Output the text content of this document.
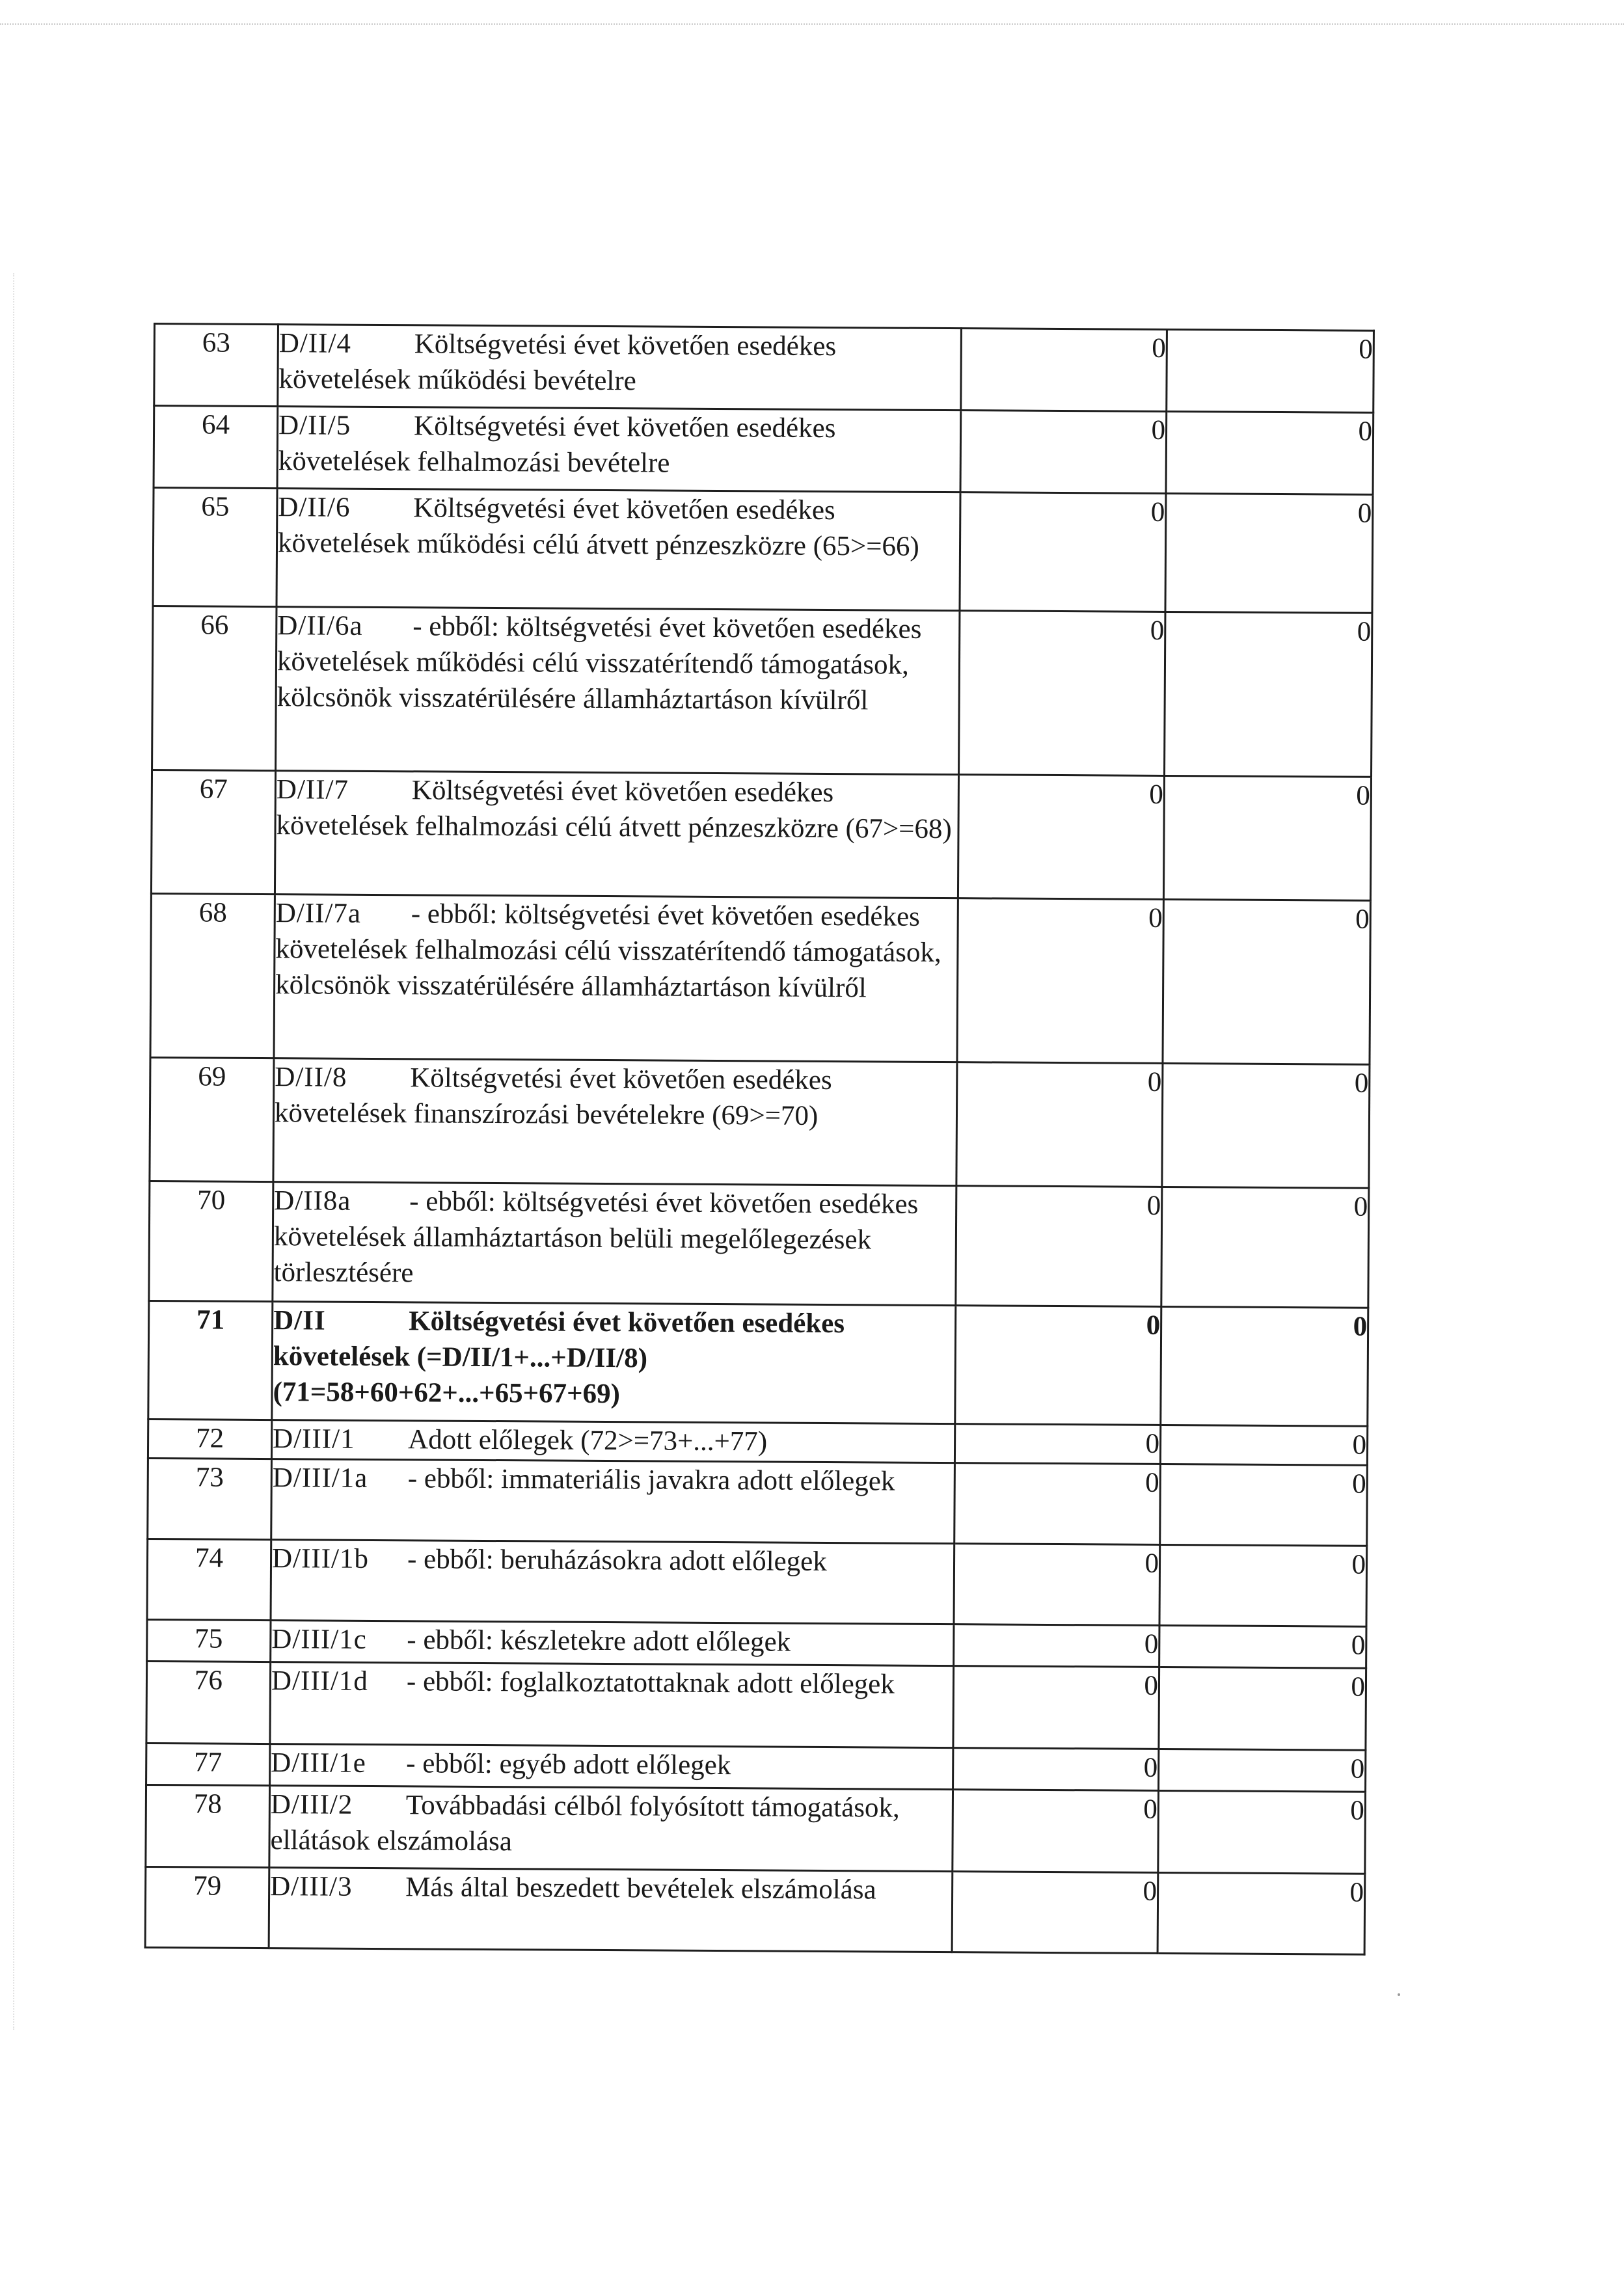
63	D/II/4 Költségvetési évet követően esedékes követelések működési bevételre	0	0
64	D/II/5 Költségvetési évet követően esedékes követelések felhalmozási bevételre	0	0
65	D/II/6 Költségvetési évet követően esedékes követelések működési célú átvett pénzeszközre (65>=66)	0	0
66	D/II/6a - ebből: költségvetési évet követően esedékes követelések működési célú visszatérítendő támogatások, kölcsönök visszatérülésére államháztartáson kívülről	0	0
67	D/II/7 Költségvetési évet követően esedékes követelések felhalmozási célú átvett pénzeszközre (67>=68)	0	0
68	D/II/7a - ebből: költségvetési évet követően esedékes követelések felhalmozási célú visszatérítendő támogatások, kölcsönök visszatérülésére államháztartáson kívülről	0	0
69	D/II/8 Költségvetési évet követően esedékes követelések finanszírozási bevételekre (69>=70)	0	0
70	D/II8a - ebből: költségvetési évet követően esedékes követelések államháztartáson belüli megelőlegezések törlesztésére	0	0
71	D/II Költségvetési évet követően esedékes követelések (=D/II/1+...+D/II/8) (71=58+60+62+...+65+67+69)	0	0
72	D/III/1 Adott előlegek (72>=73+...+77)	0	0
73	D/III/1a - ebből: immateriális javakra adott előlegek	0	0
74	D/III/1b - ebből: beruházásokra adott előlegek	0	0
75	D/III/1c - ebből: készletekre adott előlegek	0	0
76	D/III/1d - ebből: foglalkoztatottaknak adott előlegek	0	0
77	D/III/1e - ebből: egyéb adott előlegek	0	0
78	D/III/2 Továbbadási célból folyósított támogatások, ellátások elszámolása	0	0
79	D/III/3 Más által beszedett bevételek elszámolása	0	0
